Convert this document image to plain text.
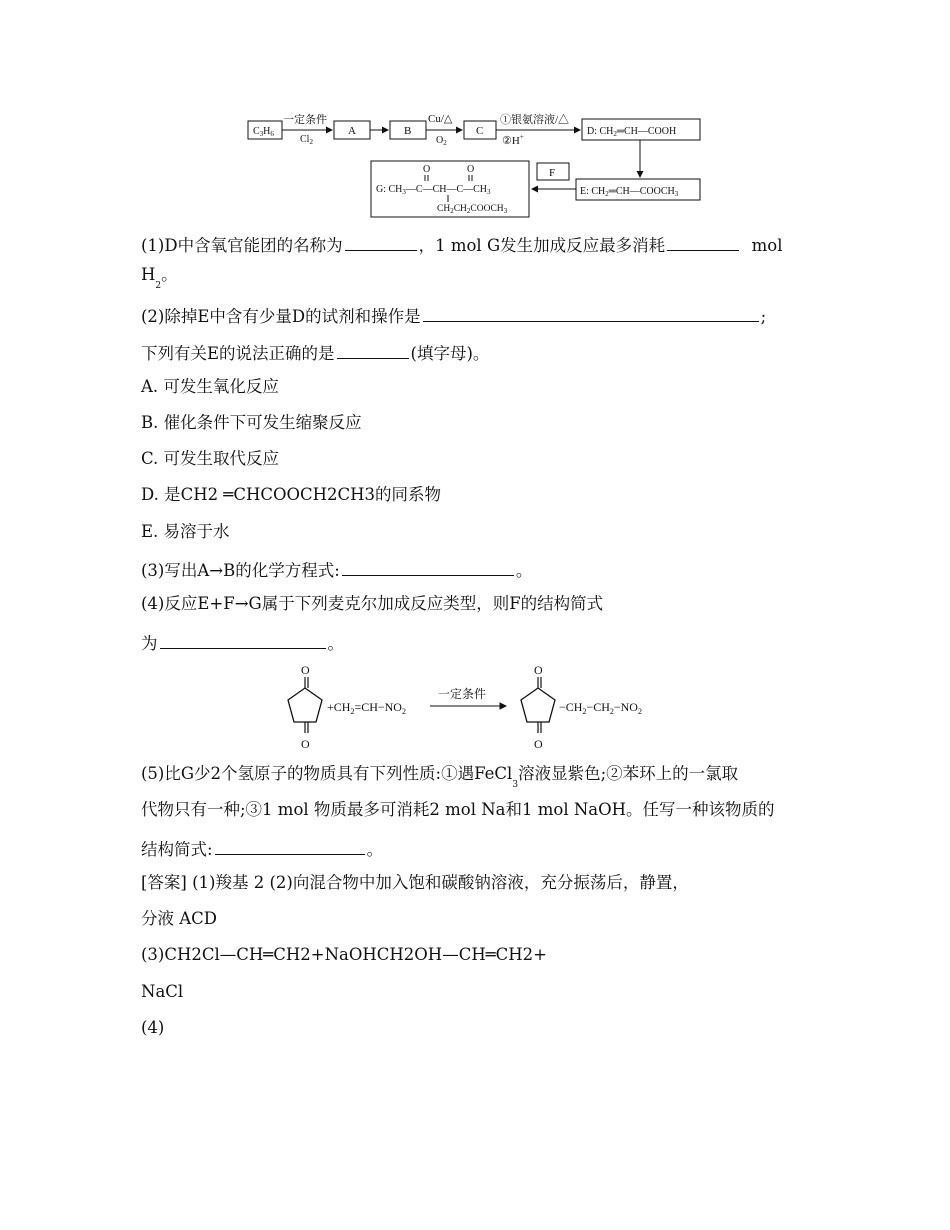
$C_3H_6$
一定条件
$Cl_2$
A	B
Cu/△
$O_2$
C
①银氨溶液/△
②H+	D: $CH_2═CH—COOH$
E: $CH_2═CH—COOCH_3$
F
O	O
G: $CH_3—C—CH—C—CH_3$
$CH_2CH_2COOCH_3$
(1)D中含氧官能团的名称为	，1 mol G发生加成反应最多消耗	mol
$H_2$。
(2)除掉E中含有少量D的试剂和操作是	;
下列有关E的说法正确的是	(填字母)。
A. 可发生氧化反应
B. 催化条件下可发生缩聚反应
C. 可发生取代反应
D. 是CH2 ═CHCOOCH2CH3的同系物
E. 易溶于水
(3)写出A→B的化学方程式:	。
(4)反应E+F→G属于下列麦克尔加成反应类型，则F的结构简式
为	。
O
O
$+CH_2=CH-NO_2$
一定条件
O
O
$-CH_2-CH_2-NO_2$
(5)比G少2个氢原子的物质具有下列性质:①遇FeCl$_3$溶液显紫色;②苯环上的一氯取
代物只有一种;③1 mol 物质最多可消耗2 mol Na和1 mol NaOH。任写一种该物质的
结构简式:	。
[答案] (1)羧基 2 (2)向混合物中加入饱和碳酸钠溶液，充分振荡后，静置，
分液 ACD
(3)CH2Cl—CH═CH2+NaOHCH2OH—CH═CH2+
NaCl
(4)
